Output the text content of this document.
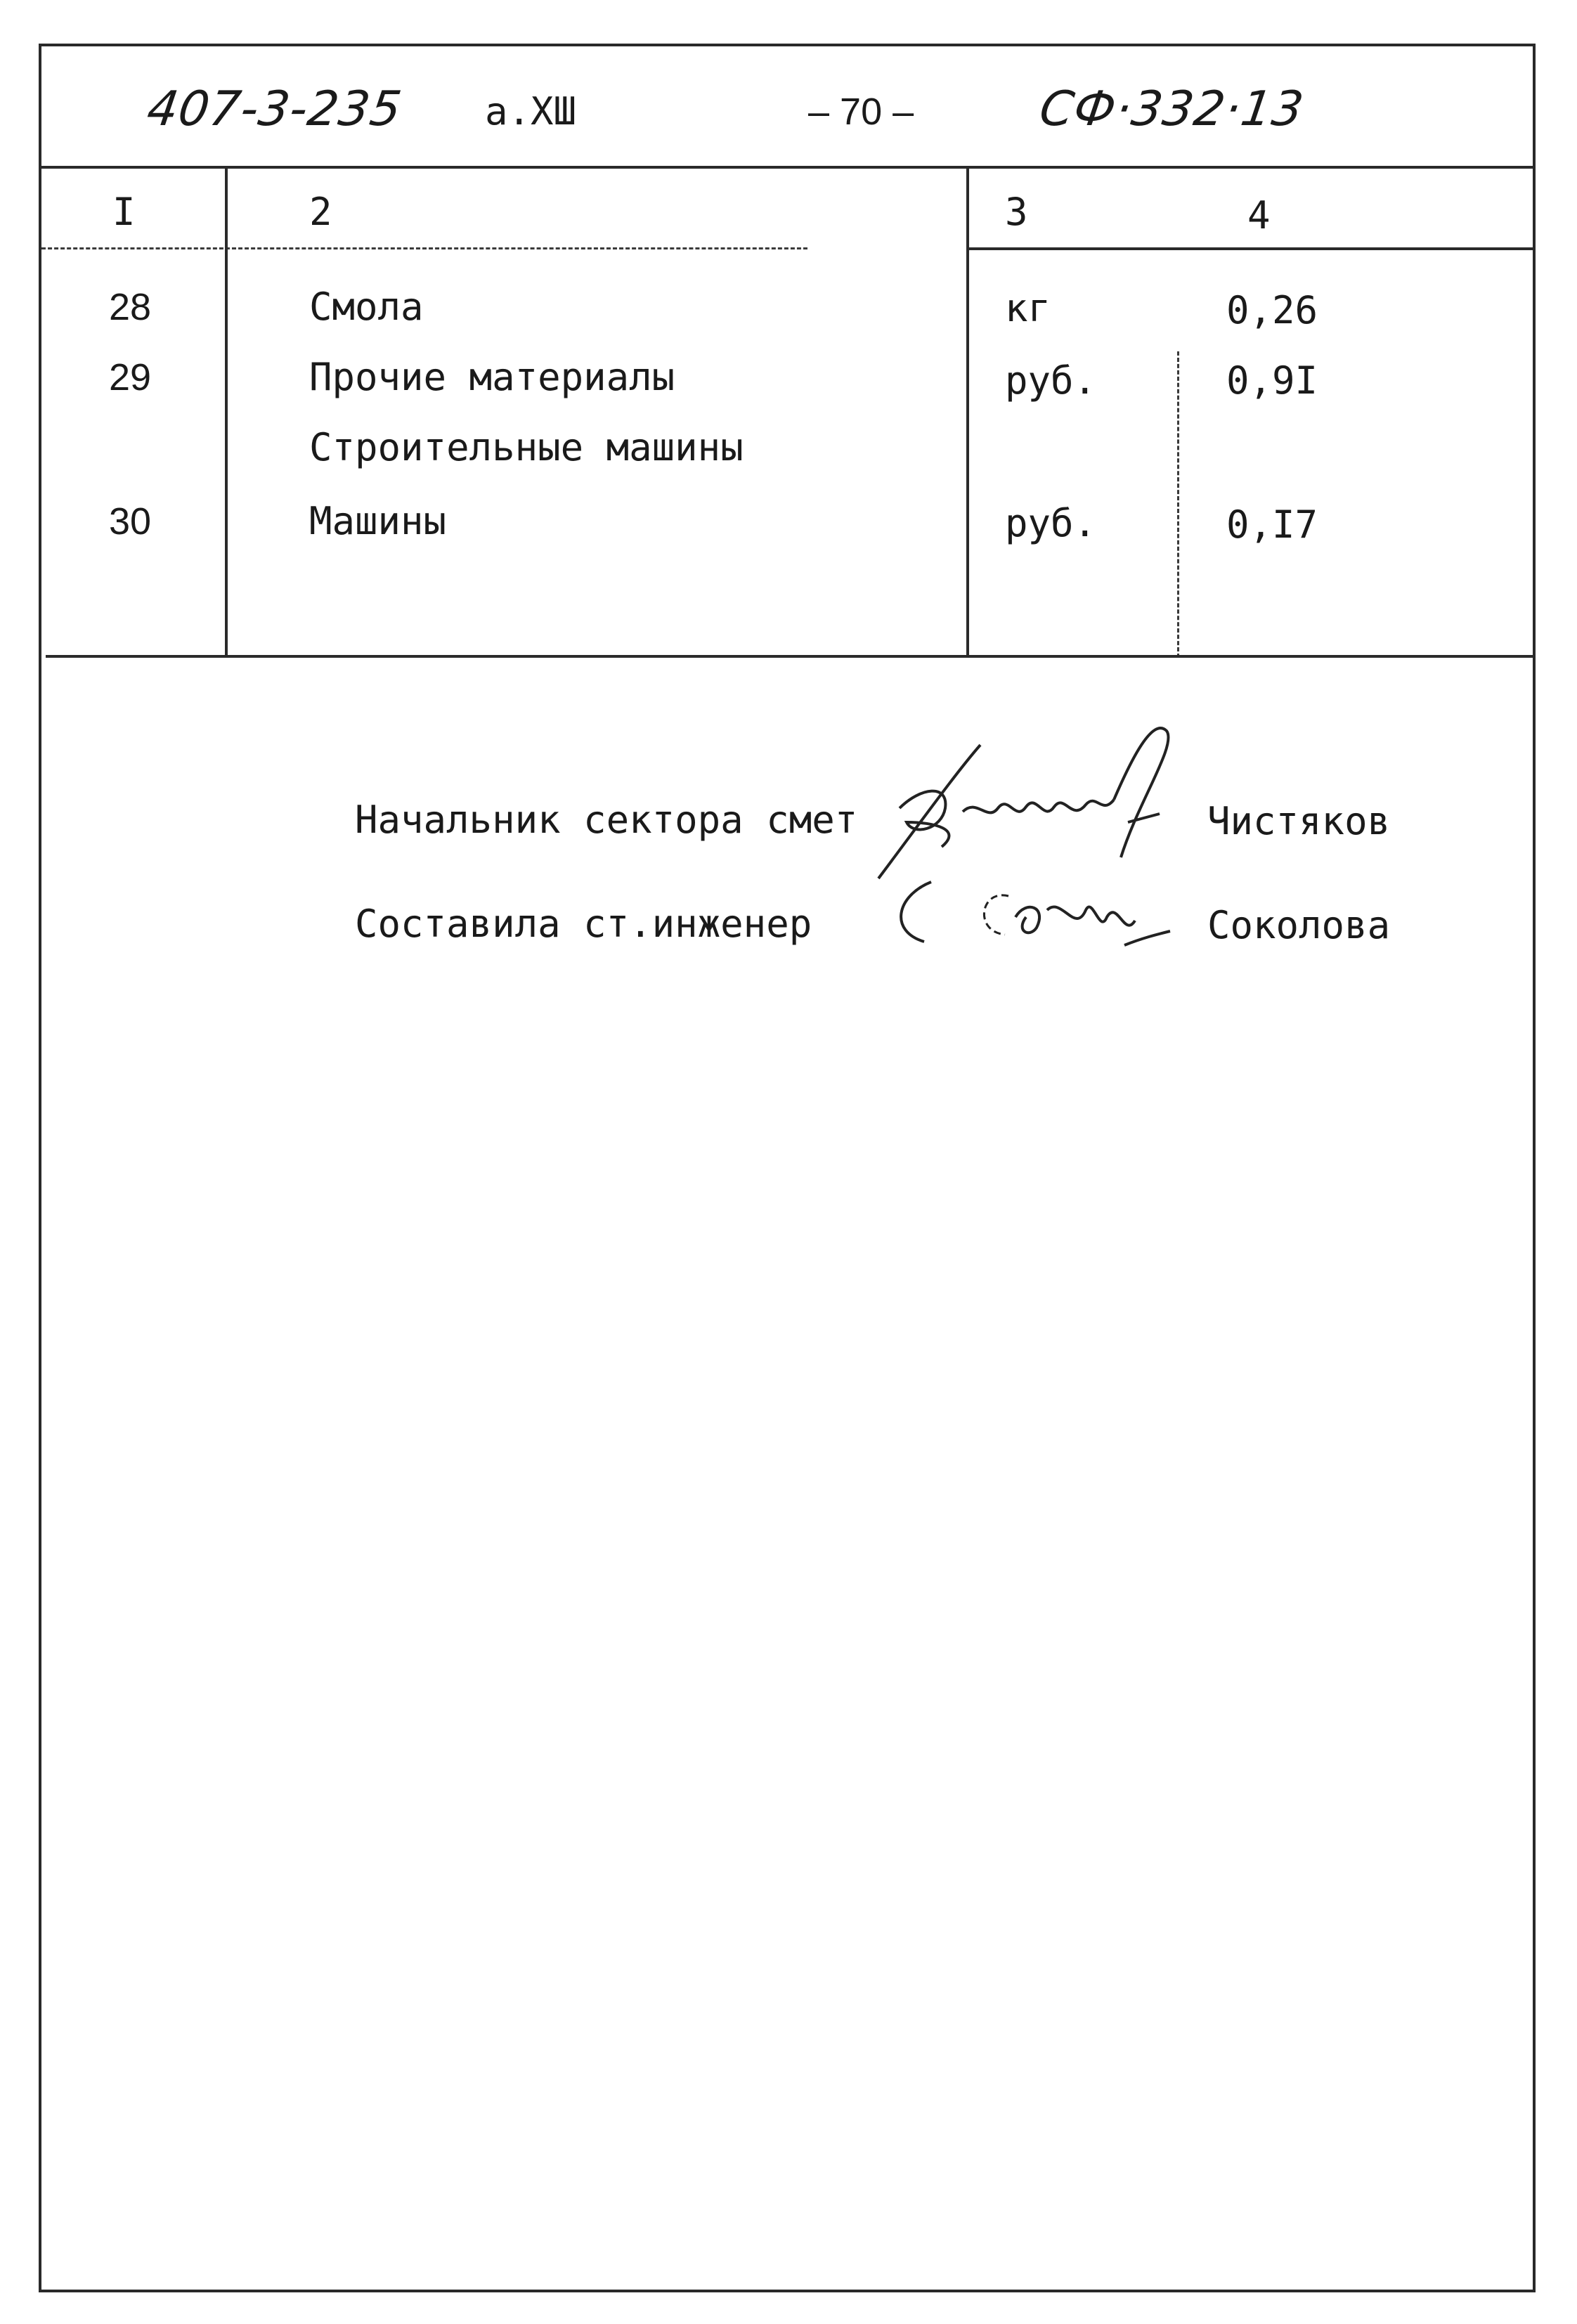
407-3-235 а.ХШ	– 70 –	СФ·332·13
I	2	3	4
28	Смола	кг	0,26
29	Прочие материалы	руб.	0,9I
Строительные машины
30	Машины	руб.	0,I7
Начальник сектора смет	Чистяков
Составила ст.инженер	Соколова
